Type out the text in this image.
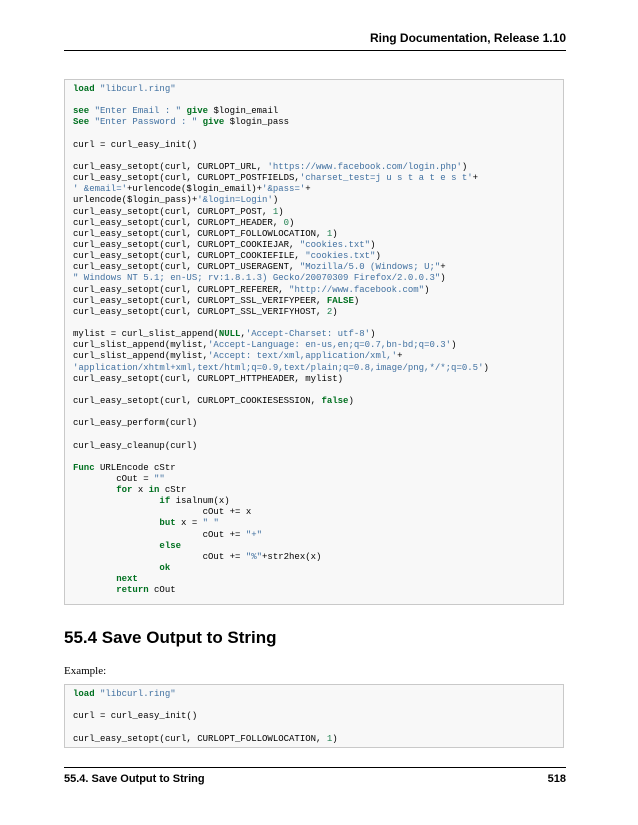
Ring Documentation, Release 1.10
load "libcurl.ring"

see "Enter Email : " give $login_email
See "Enter Password : " give $login_pass

curl = curl_easy_init()

curl_easy_setopt(curl, CURLOPT_URL, 'https://www.facebook.com/login.php')
curl_easy_setopt(curl, CURLOPT_POSTFIELDS,'charset_test=j u s t a t e s t'+
' &email='+urlencode($login_email)+'&pass='+
urlencode($login_pass)+'&login=Login')
curl_easy_setopt(curl, CURLOPT_POST, 1)
curl_easy_setopt(curl, CURLOPT_HEADER, 0)
curl_easy_setopt(curl, CURLOPT_FOLLOWLOCATION, 1)
curl_easy_setopt(curl, CURLOPT_COOKIEJAR, "cookies.txt")
curl_easy_setopt(curl, CURLOPT_COOKIEFILE, "cookies.txt")
curl_easy_setopt(curl, CURLOPT_USERAGENT, "Mozilla/5.0 (Windows; U;"+
" Windows NT 5.1; en-US; rv:1.8.1.3) Gecko/20070309 Firefox/2.0.0.3")
curl_easy_setopt(curl, CURLOPT_REFERER, "http://www.facebook.com")
curl_easy_setopt(curl, CURLOPT_SSL_VERIFYPEER, FALSE)
curl_easy_setopt(curl, CURLOPT_SSL_VERIFYHOST, 2)

mylist = curl_slist_append(NULL,'Accept-Charset: utf-8')
curl_slist_append(mylist,'Accept-Language: en-us,en;q=0.7,bn-bd;q=0.3')
curl_slist_append(mylist,'Accept: text/xml,application/xml,'+
'application/xhtml+xml,text/html;q=0.9,text/plain;q=0.8,image/png,*/*;q=0.5')
curl_easy_setopt(curl, CURLOPT_HTTPHEADER, mylist)

curl_easy_setopt(curl, CURLOPT_COOKIESESSION, false)

curl_easy_perform(curl)

curl_easy_cleanup(curl)

Func URLEncode cStr
cOut = ""
for x in cStr
if isalnum(x)
cOut += x
but x = " "
cOut += "+"
else
cOut += "%"+str2hex(x)
ok
next
return cOut
55.4 Save Output to String
Example:
load "libcurl.ring"

curl = curl_easy_init()

curl_easy_setopt(curl, CURLOPT_FOLLOWLOCATION, 1)
55.4. Save Output to String	518
